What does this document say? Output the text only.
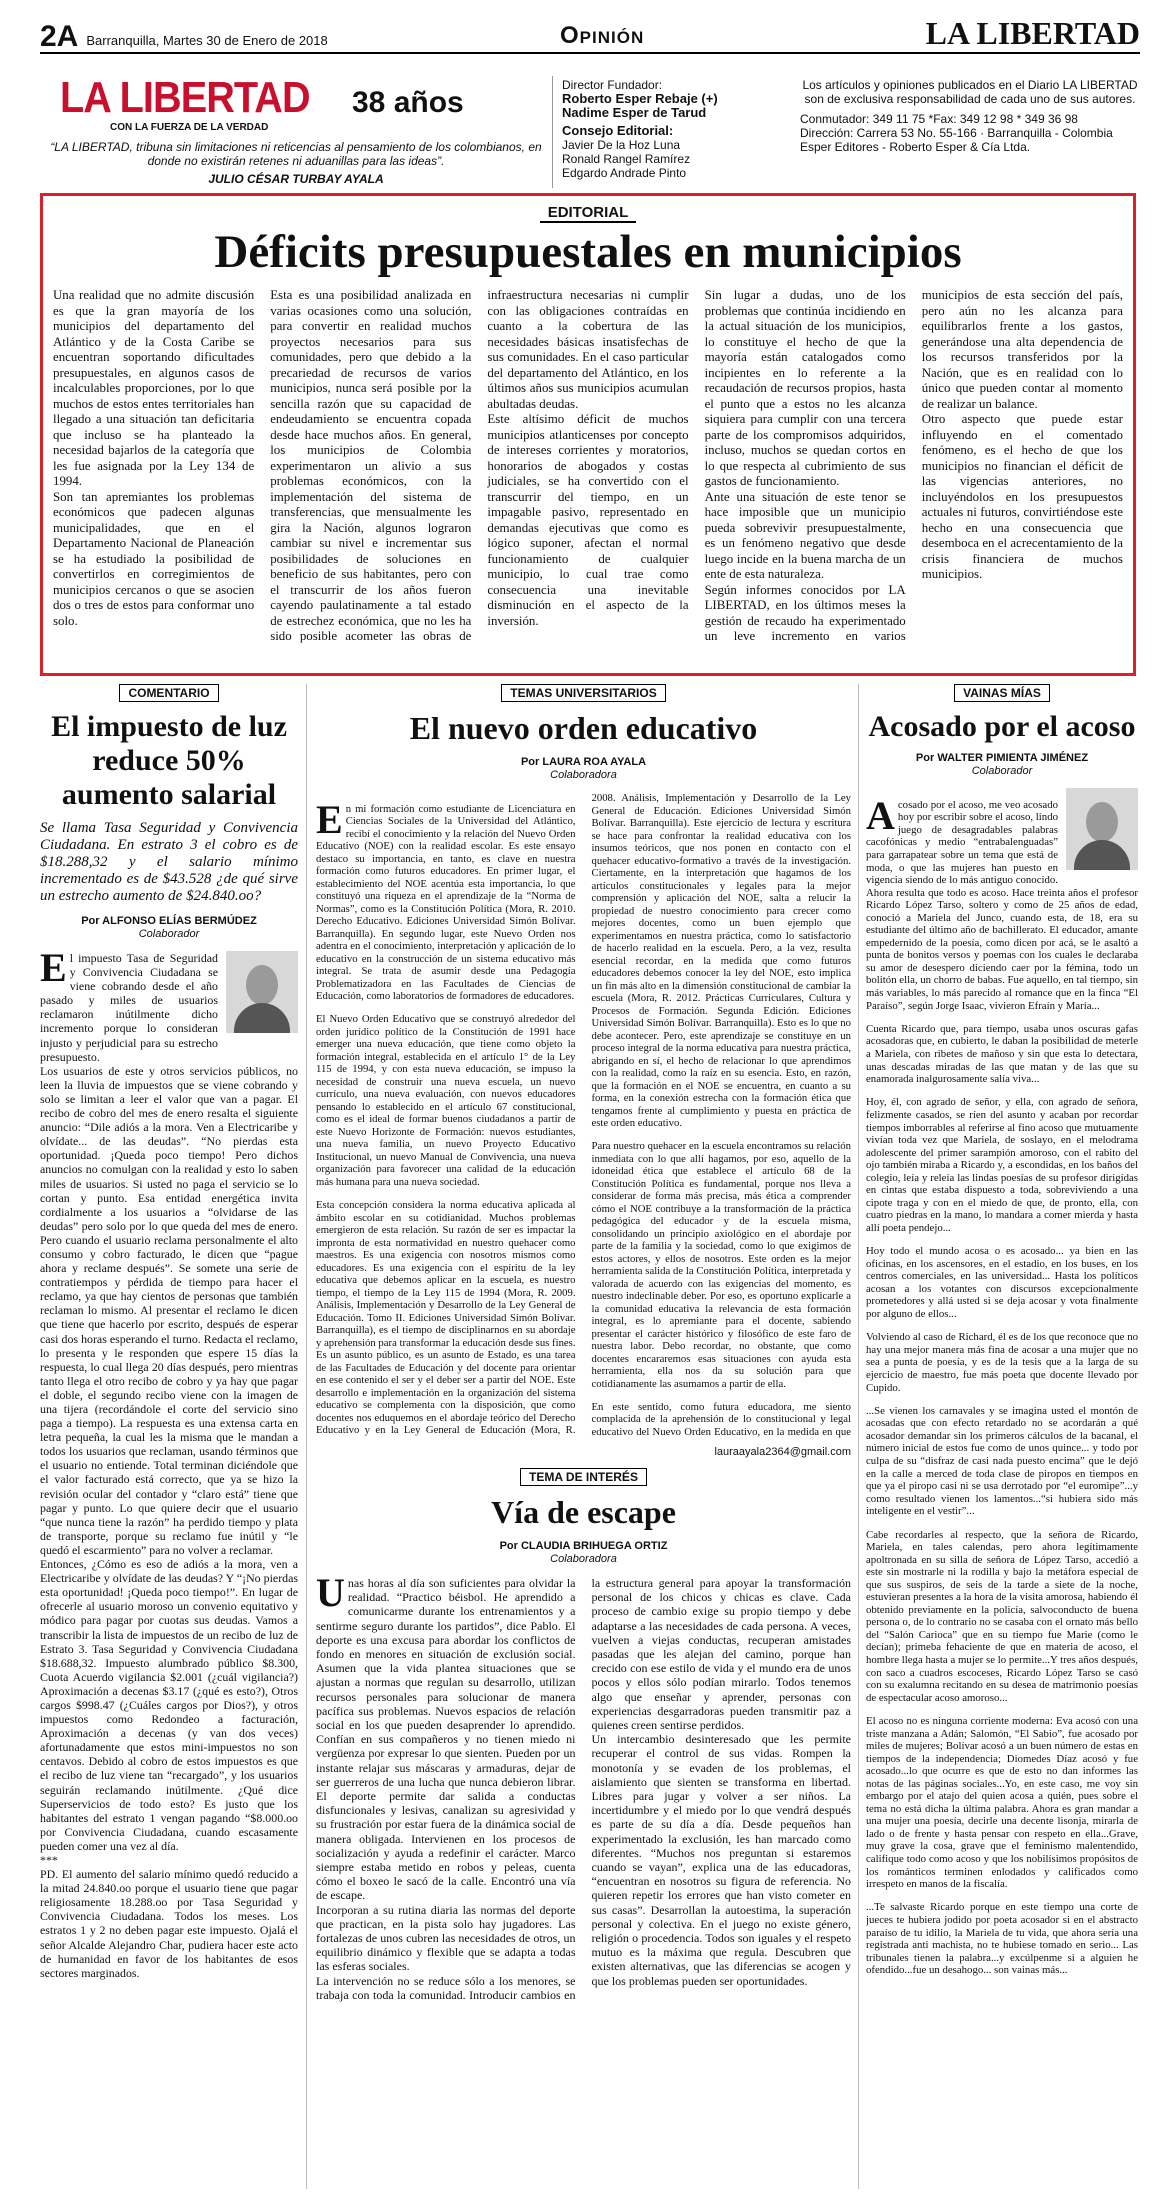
2A Barranquilla, Martes 30 de Enero de 2018	Opinión	LA LIBERTAD
LA LIBERTAD 38 años
CON LA FUERZA DE LA VERDAD
“LA LIBERTAD, tribuna sin limitaciones ni reticencias al pensamiento de los colombianos, en donde no existirán retenes ni aduanillas para las ideas”.
JULIO CÉSAR TURBAY AYALA
Director Fundador:
Roberto Esper Rebaje (+)
Nadime Esper de Tarud
Consejo Editorial:
Javier De la Hoz Luna
Ronald Rangel Ramírez
Edgardo Andrade Pinto
Los artículos y opiniones publicados en el Diario LA LIBERTAD son de exclusiva responsabilidad de cada uno de sus autores.
Conmutador: 349 11 75 *Fax: 349 12 98 * 349 36 98
Dirección: Carrera 53 No. 55-166 · Barranquilla - Colombia
Esper Editores - Roberto Esper & Cía Ltda.
EDITORIAL
Déficits presupuestales en municipios

Una realidad que no admite discusión es que la gran mayoría de los municipios del departamento del Atlántico y de la Costa Caribe se encuentran soportando dificultades presupuestales, en algunos casos de incalculables proporciones, por lo que muchos de estos entes territoriales han llegado a una situación tan deficitaria que incluso se ha planteado la necesidad bajarlos de la categoría que les fue asignada por la Ley 134 de 1994.

Son tan apremiantes los problemas económicos que padecen algunas municipalidades, que en el Departamento Nacional de Planeación se ha estudiado la posibilidad de convertirlos en corregimientos de municipios cercanos o que se asocien dos o tres de estos para conformar uno solo.

Esta es una posibilidad analizada en varias ocasiones como una solución, para convertir en realidad muchos proyectos necesarios para sus comunidades, pero que debido a la precariedad de recursos de varios municipios, nunca será posible por la sencilla razón que su capacidad de endeudamiento se encuentra copada desde hace muchos años. En general, los municipios de Colombia experimentaron un alivio a sus problemas económicos, con la implementación del sistema de transferencias, que mensualmente les gira la Nación, algunos lograron cambiar su nivel e incrementar sus posibilidades de soluciones en beneficio de sus habitantes, pero con el transcurrir de los años fueron cayendo paulatinamente a tal estado de estrechez económica, que no les ha sido posible acometer las obras de infraestructura necesarias ni cumplir con las obligaciones contraídas en cuanto a la cobertura de las necesidades básicas insatisfechas de sus comunidades. En el caso particular del departamento del Atlántico, en los últimos años sus municipios acumulan abultadas deudas.

Este altísimo déficit de muchos municipios atlanticenses por concepto de intereses corrientes y moratorios, honorarios de abogados y costas judiciales, se ha convertido con el transcurrir del tiempo, en un impagable pasivo, representado en demandas ejecutivas que como es lógico suponer, afectan el normal funcionamiento de cualquier municipio, lo cual trae como consecuencia una inevitable disminución en el aspecto de la inversión.

Sin lugar a dudas, uno de los problemas que continúa incidiendo en la actual situación de los municipios, lo constituye el hecho de que la mayoría están catalogados como incipientes en lo referente a la recaudación de recursos propios, hasta el punto que a estos no les alcanza siquiera para cumplir con una tercera parte de los compromisos adquiridos, incluso, muchos se quedan cortos en lo que respecta al cubrimiento de sus gastos de funcionamiento.

Ante una situación de este tenor se hace imposible que un municipio pueda sobrevivir presupuestalmente, es un fenómeno negativo que desde luego incide en la buena marcha de un ente de esta naturaleza.

Según informes conocidos por LA LIBERTAD, en los últimos meses la gestión de recaudo ha experimentado un leve incremento en varios municipios de esta sección del país, pero aún no les alcanza para equilibrarlos frente a los gastos, generándose una alta dependencia de los recursos transferidos por la Nación, que es en realidad con lo único que pueden contar al momento de realizar un balance.

Otro aspecto que puede estar influyendo en el comentado fenómeno, es el hecho de que los municipios no financian el déficit de las vigencias anteriores, no incluyéndolos en los presupuestos actuales ni futuros, convirtiéndose este hecho en una consecuencia que desemboca en el acrecentamiento de la crisis financiera de muchos municipios.

COMENTARIO
El impuesto de luz reduce 50% aumento salarial
Se llama Tasa Seguridad y Convivencia Ciudadana. En estrato 3 el cobro es de $18.288,32 y el salario mínimo incrementado es de $43.528 ¿de qué sirve un estrecho aumento de $24.840.oo?
Por ALFONSO ELÍAS BERMÚDEZ
Colaborador

El impuesto Tasa de Seguridad y Convivencia Ciudadana se viene cobrando desde el año pasado y miles de usuarios reclamaron inútilmente dicho incremento porque lo consideran injusto y perjudicial para su estrecho presupuesto.

Los usuarios de este y otros servicios públicos, no leen la lluvia de impuestos que se viene cobrando y solo se limitan a leer el valor que van a pagar. El recibo de cobro del mes de enero resalta el siguiente anuncio: “Dile adiós a la mora. Ven a Electricaribe y olvídate... de las deudas”. “No pierdas esta oportunidad. ¡Queda poco tiempo! Pero dichos anuncios no comulgan con la realidad y esto lo saben miles de usuarios. Si usted no paga el servicio se lo cortan y punto. Esa entidad energética invita cordialmente a los usuarios a “olvidarse de las deudas” pero solo por lo que queda del mes de enero. Pero cuando el usuario reclama personalmente el alto consumo y cobro facturado, le dicen que “pague ahora y reclame después”. Se somete una serie de contratiempos y pérdida de tiempo para hacer el reclamo, ya que hay cientos de personas que también reclaman lo mismo. Al presentar el reclamo le dicen que tiene que hacerlo por escrito, después de esperar casi dos horas esperando el turno. Redacta el reclamo, lo presenta y le responden que espere 15 días la respuesta, lo cual llega 20 días después, pero mientras tanto llega el otro recibo de cobro y ya hay que pagar el doble, el segundo recibo viene con la imagen de una tijera (recordándole el corte del servicio sino paga a tiempo). La respuesta es una extensa carta en letra pequeña, la cual les la misma que le mandan a todos los usuarios que reclaman, usando términos que el usuario no entiende. Total terminan diciéndole que el valor facturado está correcto, que ya se hizo la revisión ocular del contador y “claro está” tiene que pagar y punto. Lo que quiere decir que el usuario “que nunca tiene la razón” ha perdido tiempo y plata de transporte, porque su reclamo fue inútil y “le quedó el escarmiento” para no volver a reclamar.

Entonces, ¿Cómo es eso de adiós a la mora, ven a Electricaribe y olvídate de las deudas? Y “¡No pierdas esta oportunidad! ¡Queda poco tiempo!”. En lugar de ofrecerle al usuario moroso un convenio equitativo y módico para pagar por cuotas sus deudas. Vamos a transcribir la lista de impuestos de un recibo de luz de Estrato 3. Tasa Seguridad y Convivencia Ciudadana $18.688,32. Impuesto alumbrado público $8.300, Cuota Acuerdo vigilancia $2.001 (¿cuál vigilancia?) Aproximación a decenas $3.17 (¿qué es esto?), Otros cargos $998.47 (¿Cuáles cargos por Dios?), y otros impuestos como Redondeo a facturación, Aproximación a decenas (y van dos veces) afortunadamente que estos mini-impuestos no son centavos. Debido al cobro de estos impuestos es que el recibo de luz viene tan “recargado”, y los usuarios seguirán reclamando inútilmente. ¿Qué dice Superservicios de todo esto? Es justo que los habitantes del estrato 1 vengan pagando “$8.000.oo por Convivencia Ciudadana, cuando escasamente pueden comer una vez al día.

***

PD. El aumento del salario mínimo quedó reducido a la mitad 24.840.oo porque el usuario tiene que pagar religiosamente 18.288.oo por Tasa Seguridad y Convivencia Ciudadana. Todos los meses. Los estratos 1 y 2 no deben pagar este impuesto. Ojalá el señor Alcalde Alejandro Char, pudiera hacer este acto de humanidad en favor de los habitantes de esos sectores marginados.

TEMAS UNIVERSITARIOS
El nuevo orden educativo
Por LAURA ROA AYALA
Colaboradora

En mi formación como estudiante de Licenciatura en Ciencias Sociales de la Universidad del Atlántico, recibí el conocimiento y la relación del Nuevo Orden Educativo (NOE) con la realidad escolar. Es este ensayo destaco su importancia, en tanto, es clave en nuestra formación como futuros educadores. En primer lugar, el establecimiento del NOE acentúa esta importancia, lo que constituyó una riqueza en el aprendizaje de la “Norma de Normas”, como es la Constitución Política (Mora, R. 2010. Derecho Educativo. Ediciones Universidad Simón Bolívar. Barranquilla). En segundo lugar, este Nuevo Orden nos adentra en el conocimiento, interpretación y aplicación de lo educativo en la construcción de un sistema educativo más integral. Se trata de asumir desde una Pedagogía Problematizadora en las Facultades de Ciencias de Educación, como laboratorios de formadores de educadores.

El Nuevo Orden Educativo que se construyó alrededor del orden jurídico político de la Constitución de 1991 hace emerger una nueva educación, que tiene como objeto la formación integral, establecida en el artículo 1° de la Ley 115 de 1994, y con esta nueva educación, se impuso la necesidad de construir una nueva escuela, un nuevo currículo, una nueva evaluación, con nuevos educadores pensando lo establecido en el artículo 67 constitucional, como es el ideal de formar buenos ciudadanos a partir de este Nuevo Horizonte de Formación: nuevos estudiantes, una nueva familia, un nuevo Proyecto Educativo Institucional, un nuevo Manual de Convivencia, una nueva organización para favorecer una calidad de la educación más humana para una nueva sociedad.

Esta concepción considera la norma educativa aplicada al ámbito escolar en su cotidianidad. Muchos problemas emergieron de esta relación. Su razón de ser es impactar la impronta de esta normatividad en nuestro quehacer como maestros. Es una exigencia con nosotros mismos como educadores. Es una exigencia con el espíritu de la ley educativa que debemos aplicar en la escuela, es nuestro tiempo, el tiempo de la Ley 115 de 1994 (Mora, R. 2009. Análisis, Implementación y Desarrollo de la Ley General de Educación. Tomo II. Ediciones Universidad Simón Bolívar. Barranquilla), es el tiempo de disciplinarnos en su abordaje y aprehensión para transformar la educación desde sus fines. Es un asunto público, es un asunto de Estado, es una tarea de las Facultades de Educación y del docente para orientar en ese contenido el ser y el deber ser a partir del NOE. Este desarrollo e implementación en la organización del sistema educativo se complementa con la disposición, que como docentes nos eduquemos en el abordaje teórico del Derecho Educativo y en la Ley General de Educación (Mora, R. 2008. Análisis, Implementación y Desarrollo de la Ley General de Educación. Ediciones Universidad Simón Bolívar. Barranquilla). Este ejercicio de lectura y escritura se hace para confrontar la realidad educativa con los insumos teóricos, que nos ponen en contacto con el quehacer educativo-formativo a través de la investigación. Ciertamente, en la interpretación que hagamos de los artículos constitucionales y legales para la mejor comprensión y aplicación del NOE, salta a relucir la propiedad de nuestro conocimiento para crecer como mejores docentes, como un buen ejemplo que experimentamos en nuestra práctica, como lo satisfactorio de hacerlo realidad en la escuela. Pero, a la vez, resulta esencial recordar, en la medida que como futuros educadores debemos conocer la ley del NOE, esto implica un fin más alto en la dimensión constitucional de cambiar la escuela (Mora, R. 2012. Prácticas Curriculares, Cultura y Procesos de Formación. Segunda Edición. Ediciones Universidad Simón Bolívar. Barranquilla). Esto es lo que no debe acontecer. Pero, este aprendizaje se constituye en un proceso integral de la norma educativa para nuestra práctica, abrigando en sí, el hecho de relacionar lo que aprendimos con la realidad, como la raíz en su esencia. Esto, en razón, que la formación en el NOE se encuentra, en cuanto a su forma, en la conexión estrecha con la formación ética que tengamos frente al cumplimiento y puesta en práctica de este orden educativo.

Para nuestro quehacer en la escuela encontramos su relación inmediata con lo que allí hagamos, por eso, aquello de la idoneidad ética que establece el artículo 68 de la Constitución Política es fundamental, porque nos lleva a considerar de forma más precisa, más ética a comprender cómo el NOE contribuye a la transformación de la práctica pedagógica del educador y de la escuela misma, consolidando un principio axiológico en el abordaje por parte de la familia y la sociedad, como lo que exigimos de estos actores, y ellos de nosotros. Este orden es la mejor herramienta salida de la Constitución Política, interpretada y valorada de acuerdo con las exigencias del momento, es nuestro indeclinable deber. Por eso, es oportuno explicarle a la comunidad educativa la relevancia de esta formación integral, es lo apremiante para el docente, sabiendo presentar el carácter histórico y filosófico de este faro de nuestra labor. Debo recordar, no obstante, que como docentes encararemos esas situaciones con ayuda esta herramienta, ella nos da su solución para que cotidianamente las asumamos a partir de ella.

En este sentido, como futura educadora, me siento complacida de la aprehensión de lo constitucional y legal educativo del Nuevo Orden Educativo, en la medida en que

lauraayala2364@gmail.com
TEMA DE INTERÉS
Vía de escape
Por CLAUDIA BRIHUEGA ORTIZ
Colaboradora

Unas horas al día son suficientes para olvidar la realidad. “Practico béisbol. He aprendido a comunicarme durante los entrenamientos y a sentirme seguro durante los partidos”, dice Pablo. El deporte es una excusa para abordar los conflictos de fondo en menores en situación de exclusión social. Asumen que la vida plantea situaciones que se ajustan a normas que regulan su desarrollo, utilizan recursos personales para solucionar de manera pacífica sus problemas. Nuevos espacios de relación social en los que pueden desaprender lo aprendido. Confían en sus compañeros y no tienen miedo ni vergüenza por expresar lo que sienten. Pueden por un instante relajar sus máscaras y armaduras, dejar de ser guerreros de una lucha que nunca debieron librar. El deporte permite dar salida a conductas disfuncionales y lesivas, canalizan su agresividad y su frustración por estar fuera de la dinámica social de manera obligada. Intervienen en los procesos de socialización y ayuda a redefinir el carácter. Marco siempre estaba metido en robos y peleas, cuenta cómo el boxeo le sacó de la calle. Encontró una vía de escape.

Incorporan a su rutina diaria las normas del deporte que practican, en la pista solo hay jugadores. Las fortalezas de unos cubren las necesidades de otros, un equilibrio dinámico y flexible que se adapta a todas las esferas sociales.

La intervención no se reduce sólo a los menores, se trabaja con toda la comunidad. Introducir cambios en la estructura general para apoyar la transformación personal de los chicos y chicas es clave. Cada proceso de cambio exige su propio tiempo y debe adaptarse a las necesidades de cada persona. A veces, vuelven a viejas conductas, recuperan amistades pasadas que les alejan del camino, porque han crecido con ese estilo de vida y el mundo era de unos pocos y ellos sólo podían mirarlo. Todos tenemos algo que enseñar y aprender, personas con experiencias desgarradoras pueden transmitir paz a quienes creen sentirse perdidos.

Un intercambio desinteresado que les permite recuperar el control de sus vidas. Rompen la monotonía y se evaden de los problemas, el aislamiento que sienten se transforma en libertad. Libres para jugar y volver a ser niños. La incertidumbre y el miedo por lo que vendrá después es parte de su día a día. Desde pequeños han experimentado la exclusión, les han marcado como diferentes. “Muchos nos preguntan si estaremos cuando se vayan”, explica una de las educadoras, “encuentran en nosotros su figura de referencia. No quieren repetir los errores que han visto cometer en sus casas”. Desarrollan la autoestima, la superación personal y colectiva. En el juego no existe género, religión o procedencia. Todos son iguales y el respeto mutuo es la máxima que regula. Descubren que existen alternativas, que las diferencias se acogen y que los problemas pueden ser oportunidades.

VAINAS MÍAS
Acosado por el acoso
Por WALTER PIMIENTA JIMÉNEZ
Colaborador

Acosado por el acoso, me veo acosado hoy por escribir sobre el acoso, lindo juego de desagradables palabras cacofónicas y medio “entrabalenguadas” para garrapatear sobre un tema que está de moda, o que las mujeres han puesto en vigencia siendo de lo más antiguo conocido. Ahora resulta que todo es acoso. Hace treinta años el profesor Ricardo López Tarso, soltero y como de 25 años de edad, conoció a Mariela del Junco, cuando esta, de 18, era su estudiante del último año de bachillerato. El educador, amante empedernido de la poesía, como dicen por acá, se le asaltó a punta de bonitos versos y poemas con los cuales le declaraba su amor de desespero diciendo caer por la fémina, todo un bolitón ella, un chorro de babas. Fue aquello, en tal tiempo, sin más variables, lo más parecido al romance que en la finca “El Paraíso”, según Jorge Isaac, vivieron Efraín y María...

Cuenta Ricardo que, para tiempo, usaba unos oscuras gafas acosadoras que, en cubierto, le daban la posibilidad de meterle a Mariela, con ribetes de mañoso y sin que esta lo detectara, unas descadas miradas de las que matan y de las que su enamorada inalgurosamente salía viva...

Hoy, él, con agrado de señor, y ella, con agrado de señora, felizmente casados, se ríen del asunto y acaban por recordar tiempos imborrables al referirse al fino acoso que mutuamente vivían toda vez que Mariela, de soslayo, en el melodrama adolescente del primer sarampión amoroso, con el rabito del ojo también miraba a Ricardo y, a escondidas, en los baños del colegio, leía y releía las lindas poesías de su profesor dirigidas en cintas que estaba dispuesto a toda, sobreviviendo a una cipote traga y con en el miedo de que, de pronto, ella, con cuatro piedras en la mano, lo mandara a comer mierda y hasta allí poeta pendejo...

Hoy todo el mundo acosa o es acosado... ya bien en las oficinas, en los ascensores, en el estadio, en los buses, en los centros comerciales, en las universidad... Hasta los políticos acosan a los votantes con discursos excepcionalmente prometedores y allá usted si se deja acosar y vota finalmente por alguno de ellos...

Volviendo al caso de Richard, él es de los que reconoce que no hay una mejor manera más fina de acosar a una mujer que no sea a punta de poesía, y es de la tesis que a la larga de su ejercicio de maestro, fue más poeta que docente llevado por Cupido.

...Se vienen los carnavales y se imagina usted el montón de acosadas que con efecto retardado no se acordarán a qué acosador demandar sin los primeros cálculos de la bacanal, el número inicial de estos fue como de unos quince... y todo por culpa de su “disfraz de casi nada puesto encima” que le dejó en la calle a merced de toda clase de piropos en tiempos en que ya el piropo casi ni se usa derrotado por “el euromipe”...y como resultado vienen los lamentos...“si hubiera sido más inteligente en el vestir”...

Cabe recordarles al respecto, que la señora de Ricardo, Mariela, en tales calendas, pero ahora legítimamente apoltronada en su silla de señora de López Tarso, accedió a este sin mostrarle ni la rodilla y bajo la metáfora especial de que sus suspiros, de seis de la tarde a siete de la noche, estuvieran presentes a la hora de la visita amorosa, habiendo él obtenido previamente en la policía, salvoconducto de buena persona o, de lo contrario no se casaba con el ornato más bello del “Salón Carioca” que en su tiempo fue Marie (como le decían); primeba fehaciente de que en materia de acoso, el hombre llega hasta a mujer se lo permite...Y tres años después, con saco a cuadros escoceses, Ricardo López Tarso se casó con su exalumna recitando en su desea de matrimonio poesías de espectacular acoso amoroso...

El acoso no es ninguna corriente moderna: Eva acosó con una triste manzana a Adán; Salomón, “El Sabio”, fue acosado por miles de mujeres; Bolívar acosó a un buen número de estas en tiempos de la independencia; Diomedes Díaz acosó y fue acosado...lo que ocurre es que de esto no dan informes las notas de las páginas sociales...Yo, en este caso, me voy sin embargo por el atajo del quien acosa a quién, pues sobre el tema no está dicha la última palabra. Ahora es gran mandar a una mujer una poesía, decirle una decente lisonja, mirarla de lado o de frente y hasta pensar con respeto en ella...Grave, muy grave la cosa, grave que el feminismo malentendido, califique todo como acoso y que los nobilísimos propósitos de los románticos terminen enlodados y calificados como irrespeto en manos de la fiscalía.

...Te salvaste Ricardo porque en este tiempo una corte de jueces te hubiera jodido por poeta acosador si en el abstracto paraíso de tu idilio, la Mariela de tu vida, que ahora sería una registrada anti machista, no te hubiese tomado en serio... Las tribunales tienen la palabra...y excúlpenme si a alguien he ofendido...fue un desahogo... son vainas más...
